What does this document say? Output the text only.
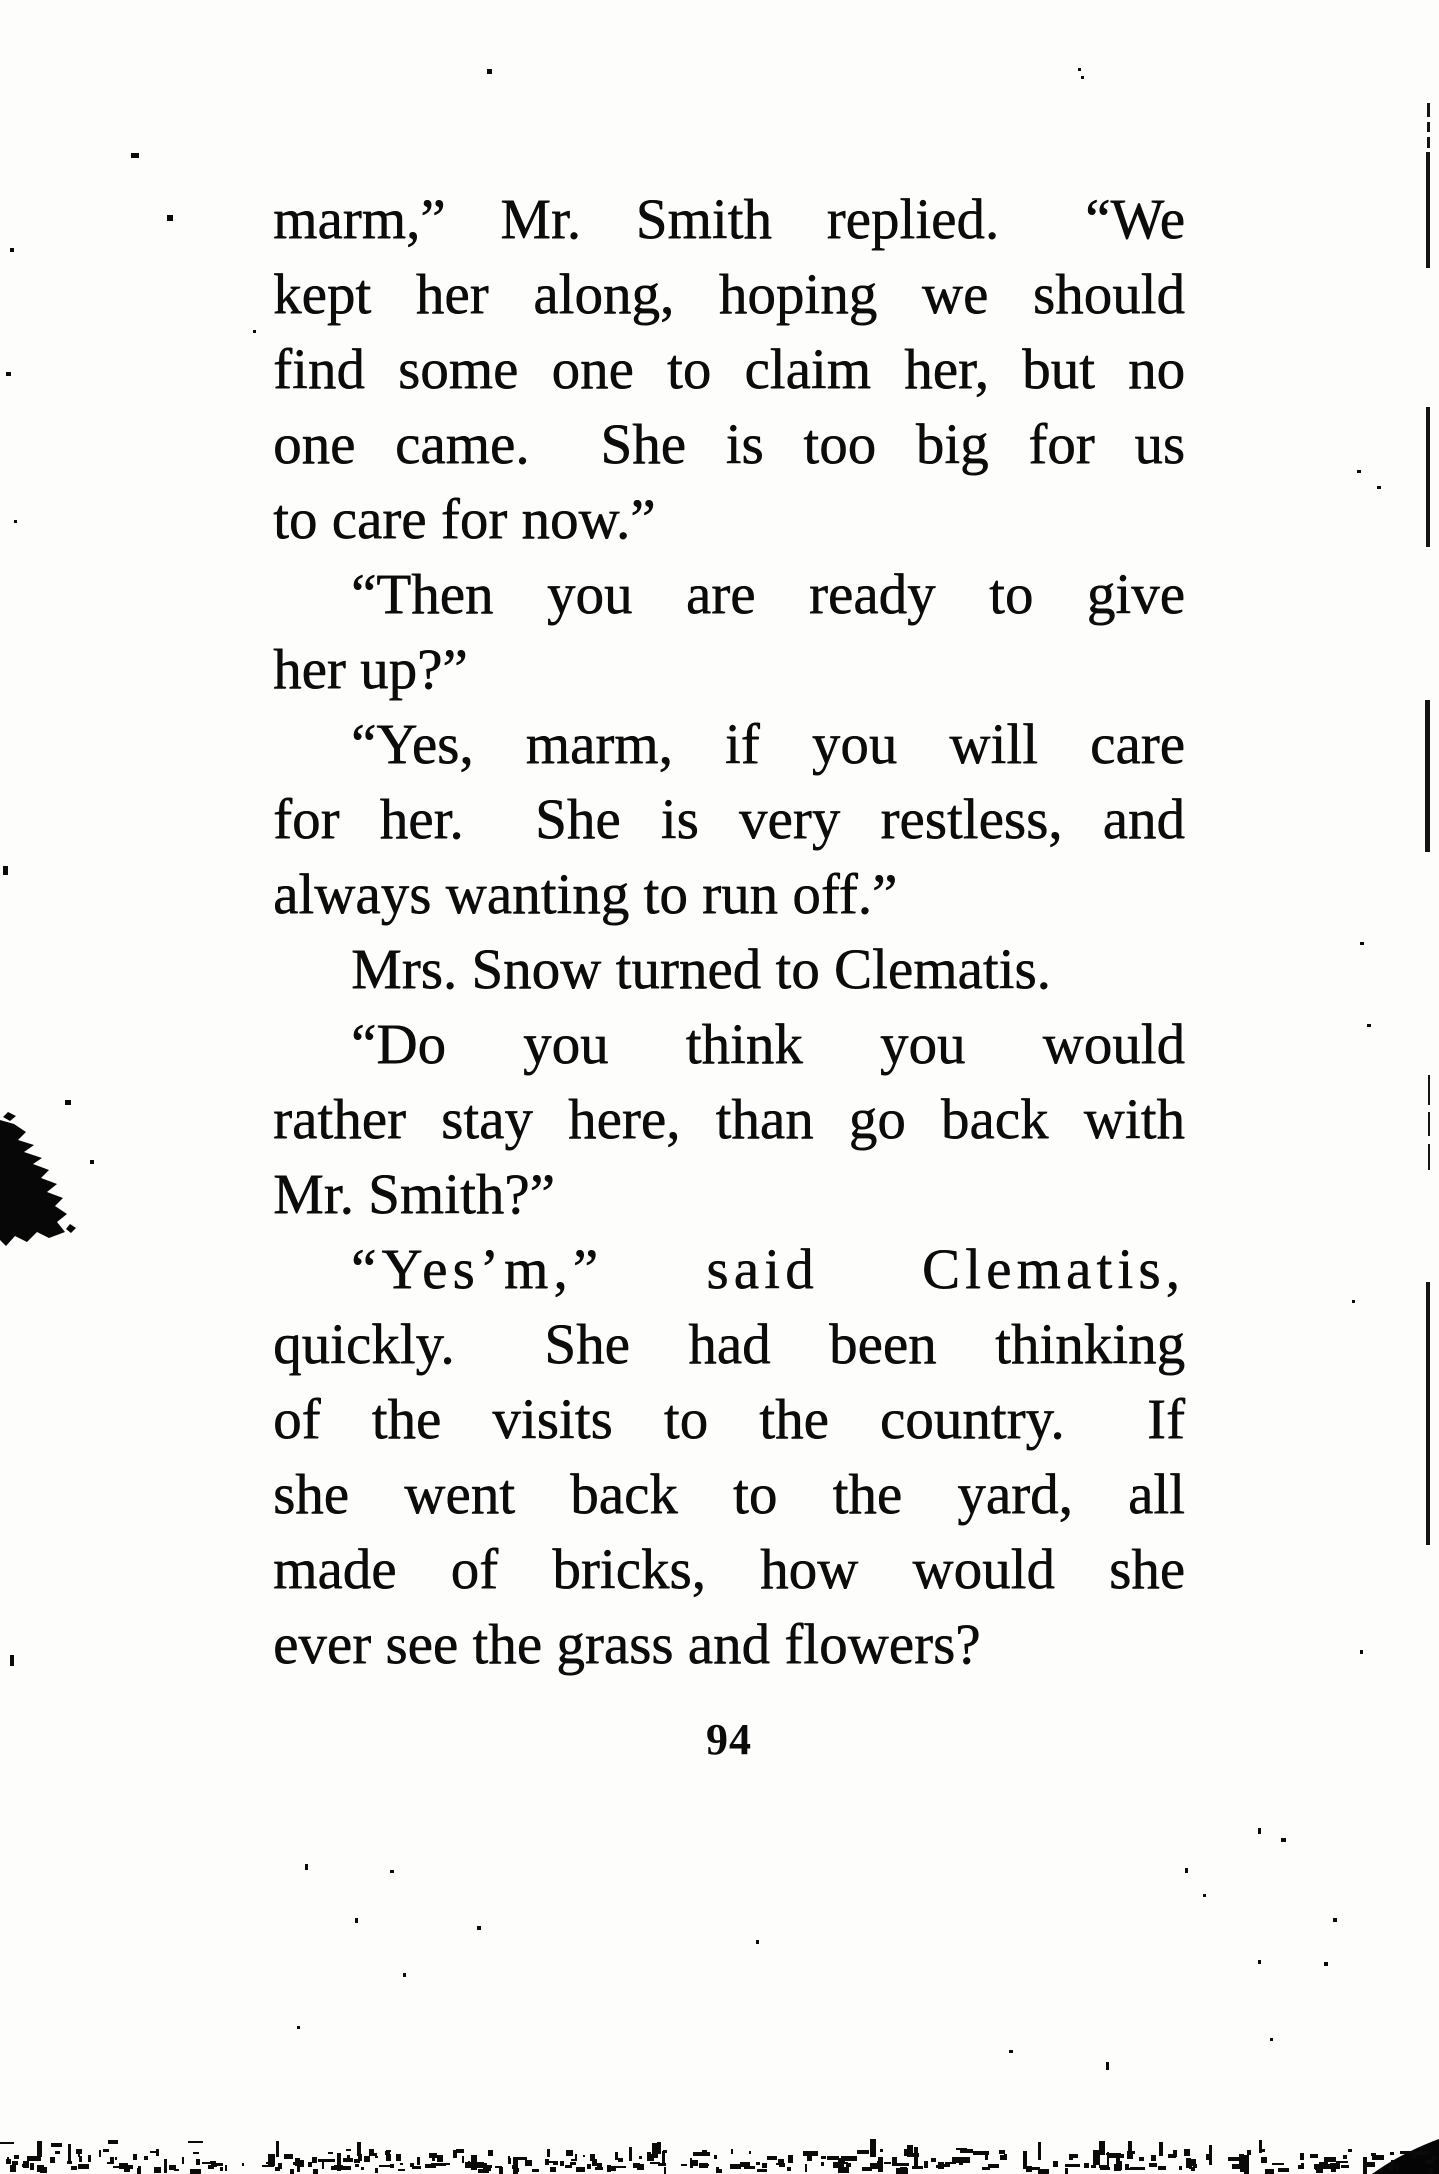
marm,” Mr. Smith replied. “We
kept her along, hoping we should
find some one to claim her, but no
one came. She is too big for us
to care for now.”
“Then you are ready to give
her up?”
“Yes, marm, if you will care
for her. She is very restless, and
always wanting to run off.”
Mrs. Snow turned to Clematis.
“Do you think you would
rather stay here, than go back with
Mr. Smith?”
“Yes’m,” said Clematis,
quickly. She had been thinking
of the visits to the country. If
she went back to the yard, all
made of bricks, how would she
ever see the grass and flowers?
94
